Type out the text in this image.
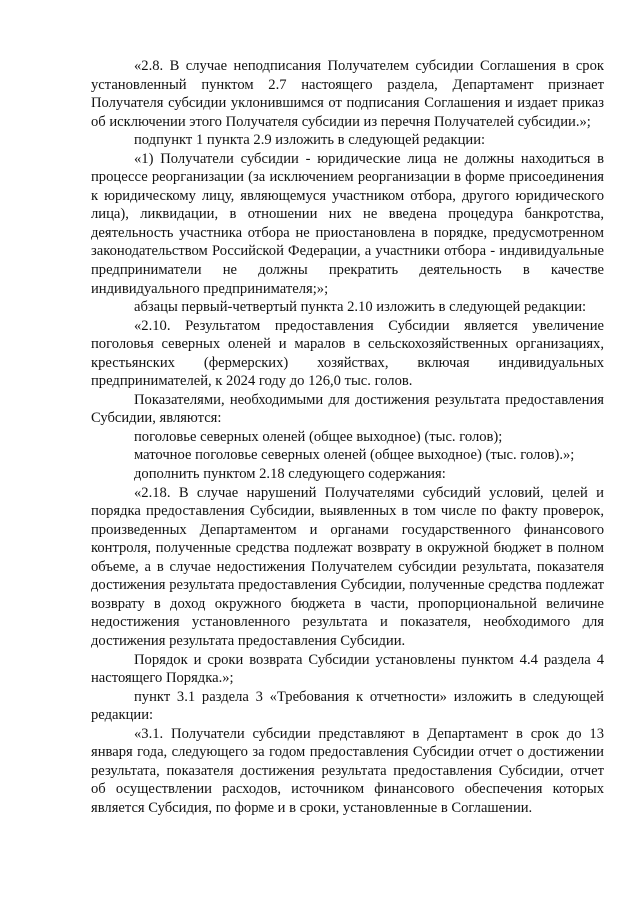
«2.8. В случае неподписания Получателем субсидии Соглашения в срок установленный пунктом 2.7 настоящего раздела, Департамент признает Получателя субсидии уклонившимся от подписания Соглашения и издает приказ об исключении этого Получателя субсидии из перечня Получателей субсидии.»;

подпункт 1 пункта 2.9 изложить в следующей редакции:

«1) Получатели субсидии - юридические лица не должны находиться в процессе реорганизации (за исключением реорганизации в форме присоединения к юридическому лицу, являющемуся участником отбора, другого юридического лица), ликвидации, в отношении них не введена процедура банкротства, деятельность участника отбора не приостановлена в порядке, предусмотренном законодательством Российской Федерации, а участники отбора - индивидуальные предприниматели не должны прекратить деятельность в качестве индивидуального предпринимателя;»;

абзацы первый-четвертый пункта 2.10 изложить в следующей редакции:

«2.10. Результатом предоставления Субсидии является увеличение поголовья северных оленей и маралов в сельскохозяйственных организациях, крестьянских (фермерских) хозяйствах, включая индивидуальных предпринимателей, к 2024 году до 126,0 тыс. голов.

Показателями, необходимыми для достижения результата предоставления Субсидии, являются:

поголовье северных оленей (общее выходное) (тыс. голов);

маточное поголовье северных оленей (общее выходное) (тыс. голов).»;

дополнить пунктом 2.18 следующего содержания:

«2.18. В случае нарушений Получателями субсидий условий, целей и порядка предоставления Субсидии, выявленных в том числе по факту проверок, произведенных Департаментом и органами государственного финансового контроля, полученные средства подлежат возврату в окружной бюджет в полном объеме, а в случае недостижения Получателем субсидии результата, показателя достижения результата предоставления Субсидии, полученные средства подлежат возврату в доход окружного бюджета в части, пропорциональной величине недостижения установленного результата и показателя, необходимого для достижения результата предоставления Субсидии.

Порядок и сроки возврата Субсидии установлены пунктом 4.4 раздела 4 настоящего Порядка.»;

пункт 3.1 раздела 3 «Требования к отчетности» изложить в следующей редакции:

«3.1. Получатели субсидии представляют в Департамент в срок до 13 января года, следующего за годом предоставления Субсидии отчет о достижении результата, показателя достижения результата предоставления Субсидии, отчет об осуществлении расходов, источником финансового обеспечения которых является Субсидия, по форме и в сроки, установленные в Соглашении.
